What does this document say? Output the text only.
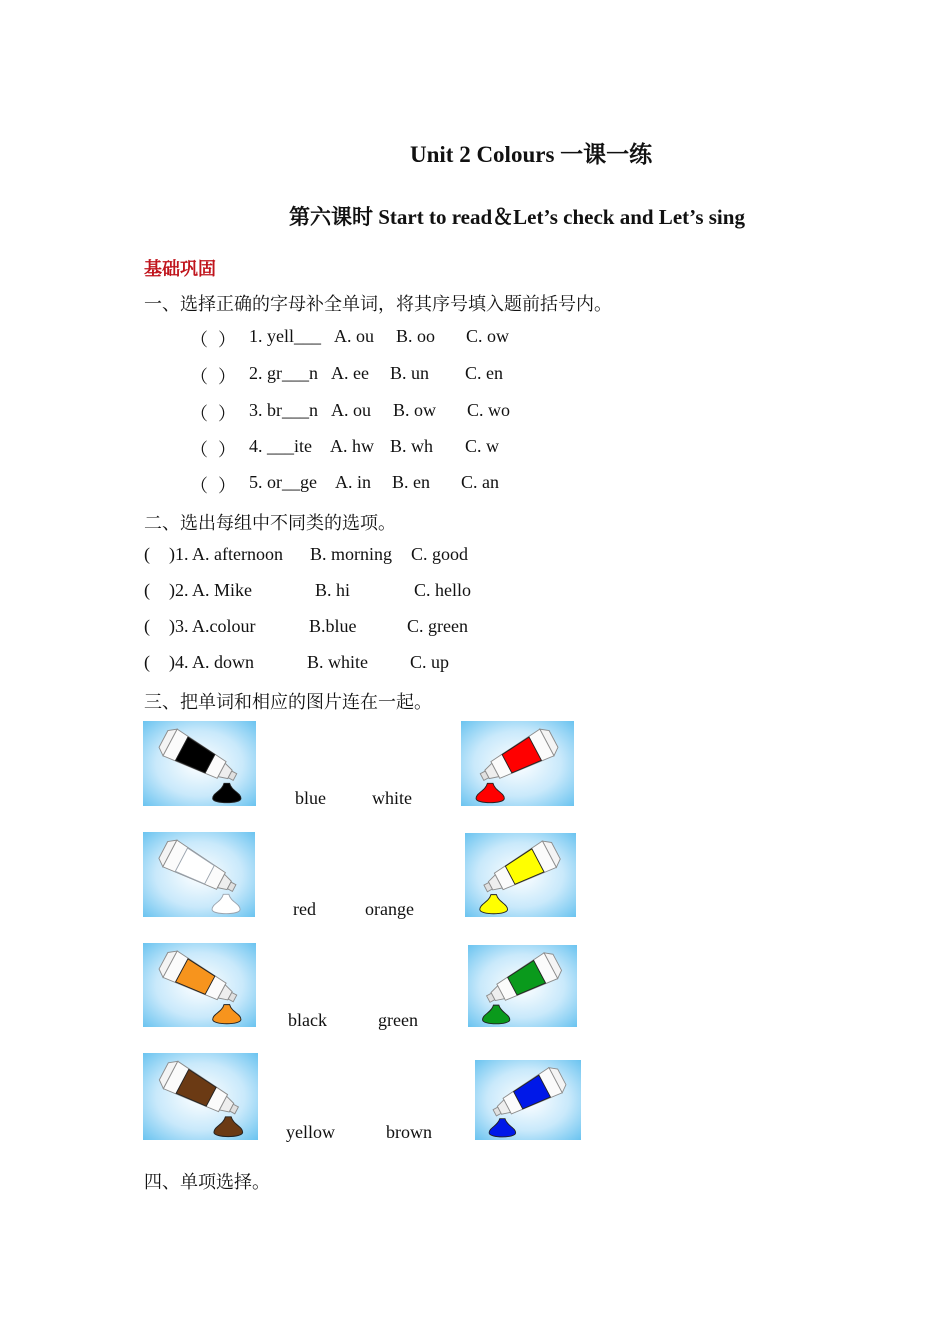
Unit 2 Colours 一课一练
第六课时 Start to read＆Let’s check and Let’s sing
基础巩固
一、选择正确的字母补全单词，将其序号填入题前括号内。
（ ） 1. yell___ A. ou B. oo C. ow
（ ） 2. gr___n A. ee B. un C. en
（ ） 3. br___n A. ou B. ow C. wo
（ ） 4. ___ite A. hw B. wh C. w
（ ） 5. or__ge A. in B. en C. an
二、选出每组中不同类的选项。
( )1. A. afternoon B. morning C. good
( )2. A. Mike	B. hi	C. hello
( )3. A.colour	B.blue	C. green
( )4. A. down	B. white C. up
三、把单词和相应的图片连在一起。
blue	white
red	orange
black	green
yellow	brown
四、单项选择。
